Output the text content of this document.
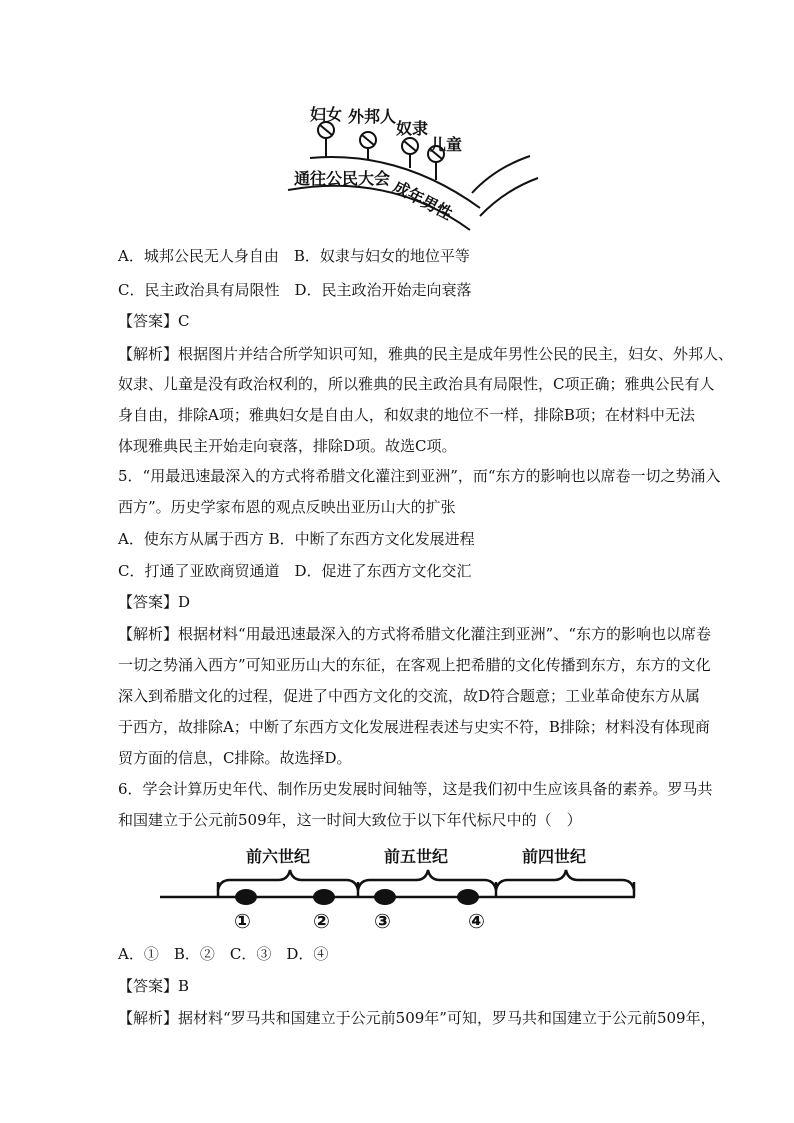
妇女 外邦人
奴隶
儿童
通往公民大会 成年男性
A．城邦公民无人身自由　B．奴隶与妇女的地位平等
C．民主政治具有局限性　D．民主政治开始走向衰落
【答案】C
【解析】根据图片并结合所学知识可知，雅典的民主是成年男性公民的民主，妇女、外邦人、
奴隶、儿童是没有政治权利的，所以雅典的民主政治具有局限性，C项正确；雅典公民有人
身自由，排除A项；雅典妇女是自由人，和奴隶的地位不一样，排除B项；在材料中无法
体现雅典民主开始走向衰落，排除D项。故选C项。
5．“用最迅速最深入的方式将希腊文化灌注到亚洲”，而“东方的影响也以席卷一切之势涌入
西方”。历史学家布恩的观点反映出亚历山大的扩张
A．使东方从属于西方 B．中断了东西方文化发展进程
C．打通了亚欧商贸通道　D．促进了东西方文化交汇
【答案】D
【解析】根据材料“用最迅速最深入的方式将希腊文化灌注到亚洲”、“东方的影响也以席卷
一切之势涌入西方”可知亚历山大的东征，在客观上把希腊的文化传播到东方，东方的文化
深入到希腊文化的过程，促进了中西方文化的交流，故D符合题意；工业革命使东方从属
于西方，故排除A；中断了东西方文化发展进程表述与史实不符，B排除；材料没有体现商
贸方面的信息，C排除。故选择D。
6．学会计算历史年代、制作历史发展时间轴等，这是我们初中生应该具备的素养。罗马共
和国建立于公元前509年，这一时间大致位于以下年代标尺中的（　）
前六世纪	前五世纪	前四世纪
①	② ③	④
A．①　B．②　C．③　D．④
【答案】B
【解析】据材料“罗马共和国建立于公元前509年”可知，罗马共和国建立于公元前509年，
